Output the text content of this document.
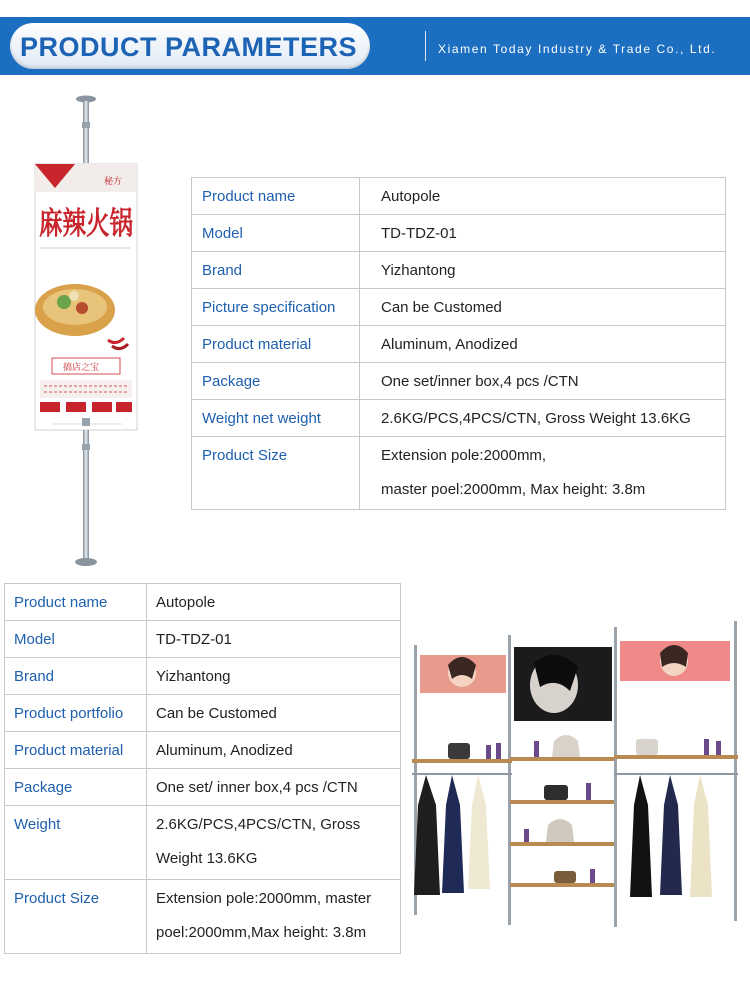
PRODUCT PARAMETERS	Xiamen Today Industry & Trade Co., Ltd.
秘方
麻辣火锅
搞店之宝
Product name	Autopole
Model	TD-TDZ-01
Brand	Yizhantong
Picture specification	Can be Customed
Product material	Aluminum, Anodized
Package	One set/inner box,4 pcs /CTN
Weight net weight	2.6KG/PCS,4PCS/CTN, Gross Weight 13.6KG
Product Size	Extension pole:2000mm,
master poel:2000mm, Max height: 3.8m
Product name	Autopole
Model	TD-TDZ-01
Brand	Yizhantong
Product portfolio	Can be Customed
Product material	Aluminum, Anodized
Package	One set/ inner box,4 pcs /CTN
Weight	2.6KG/PCS,4PCS/CTN, Gross
Weight 13.6KG

Product Size	Extension pole:2000mm, master
poel:2000mm,Max height: 3.8m
